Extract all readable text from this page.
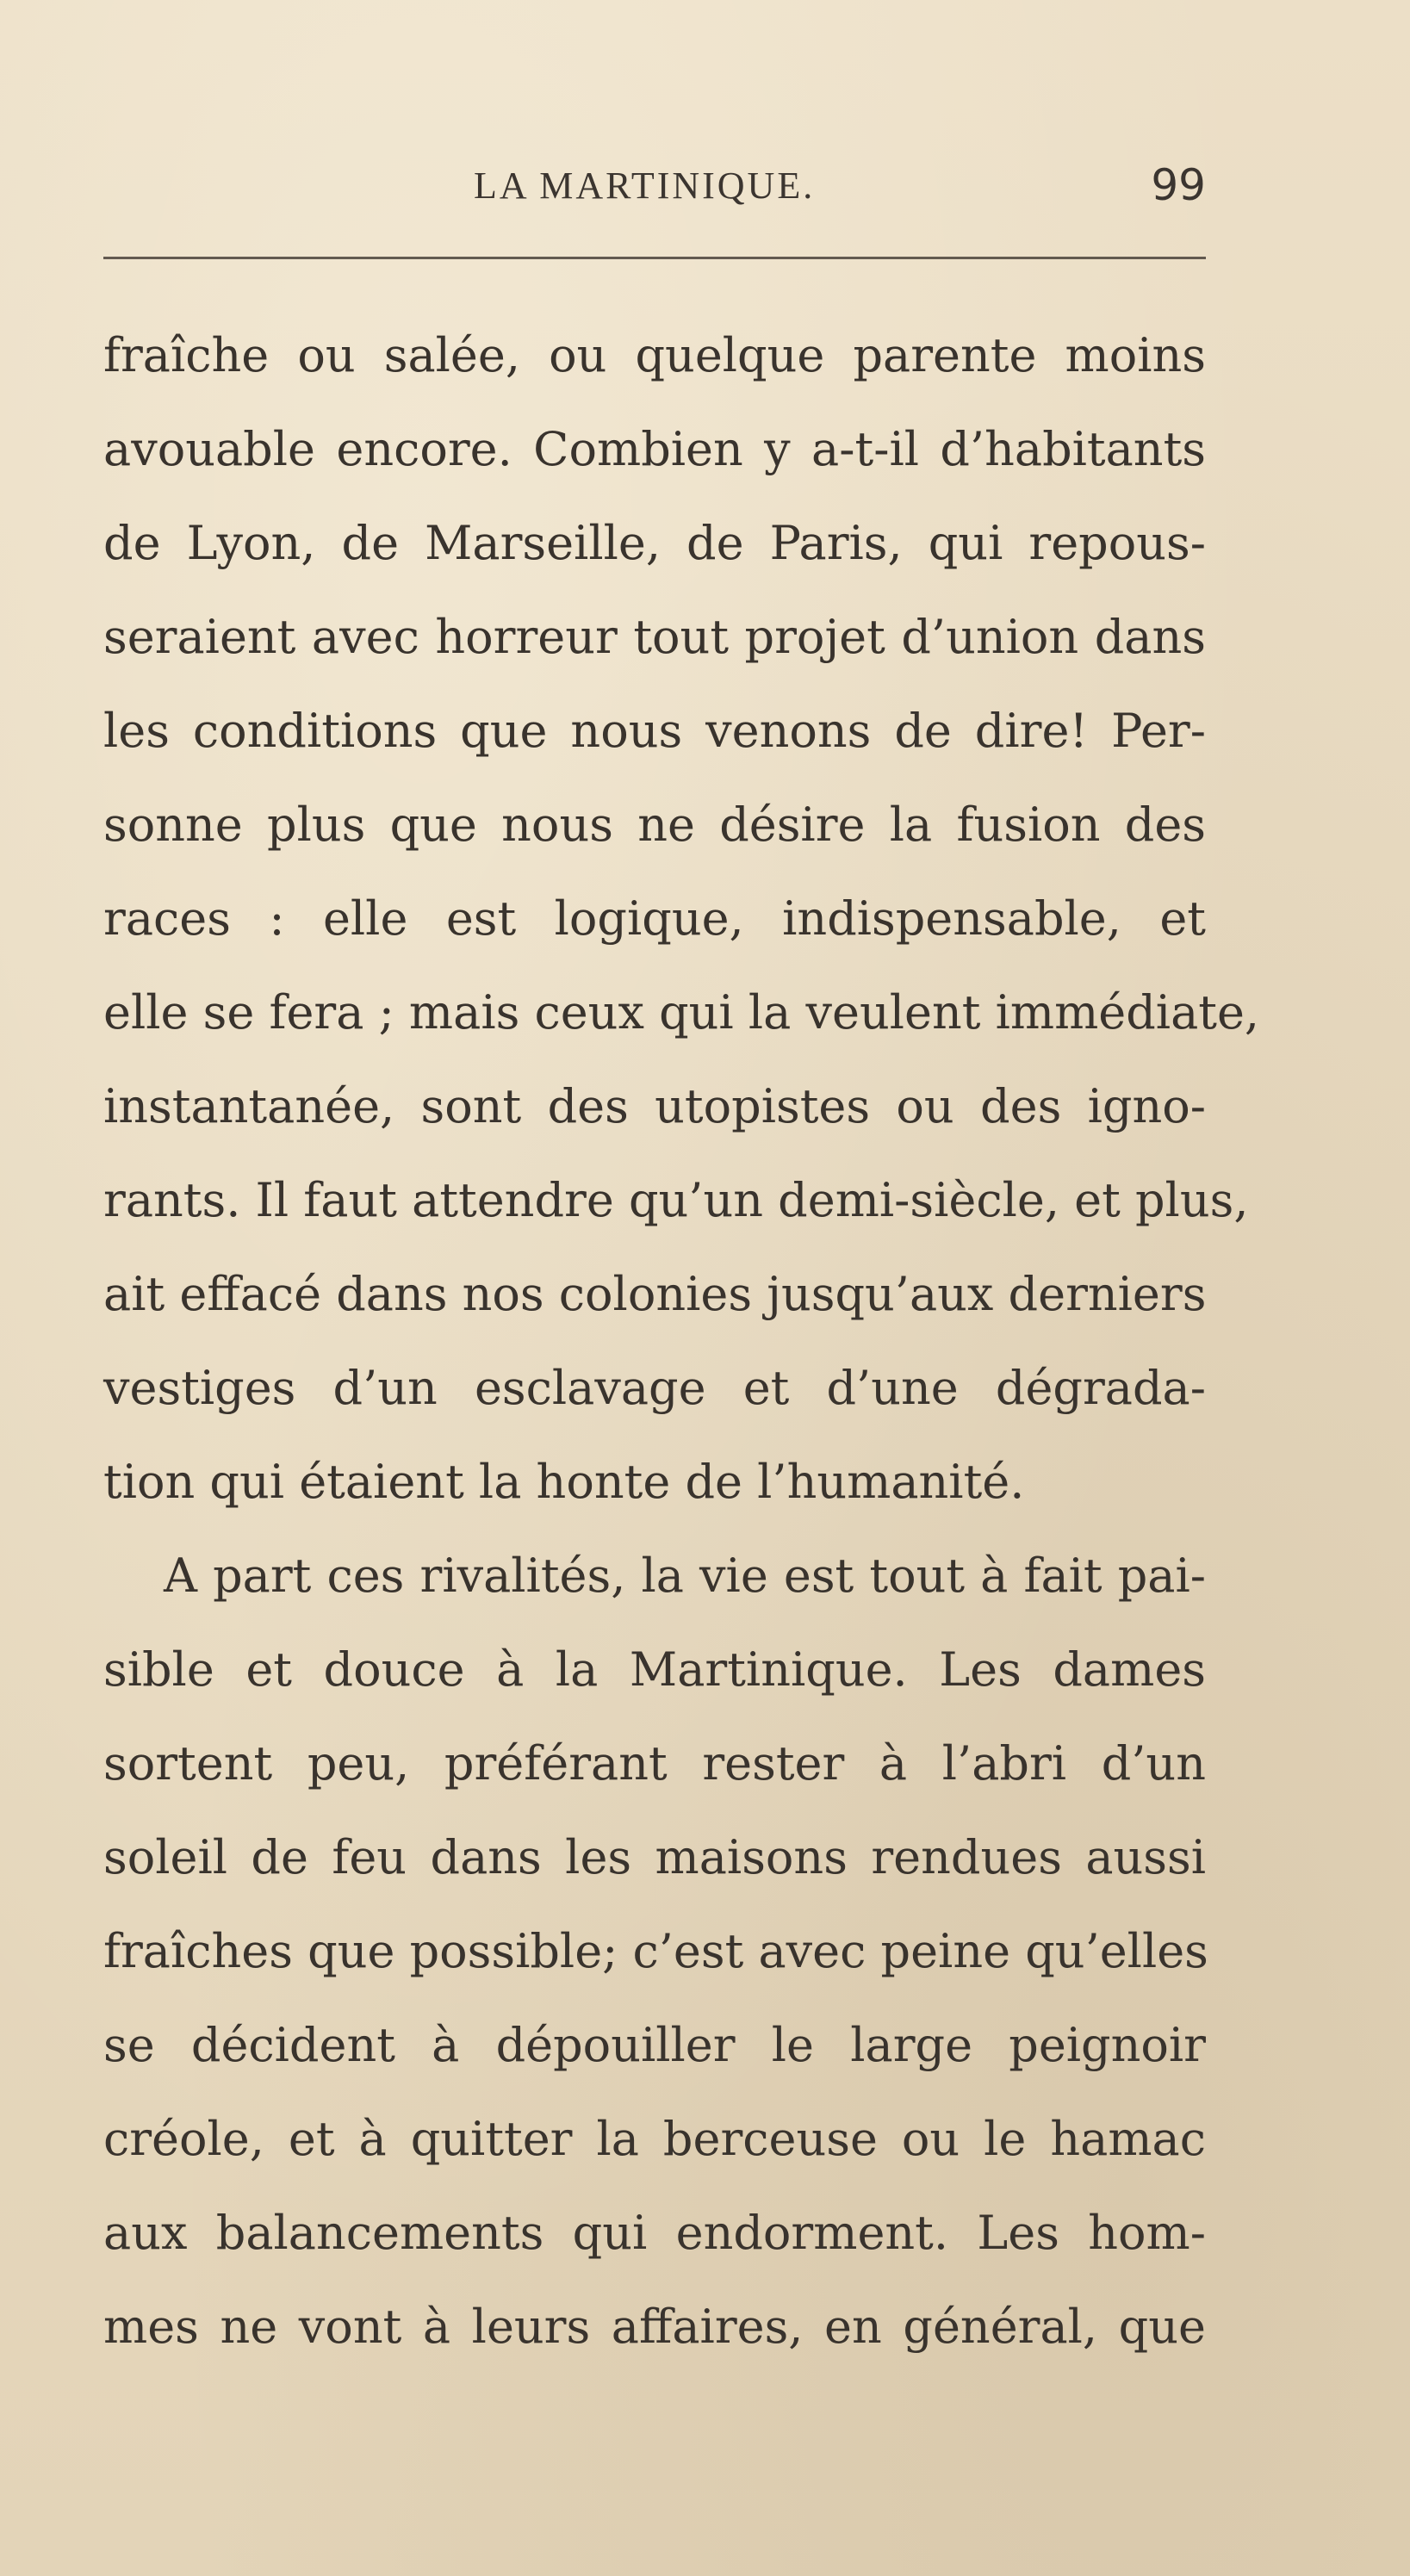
LA MARTINIQUE.	99
fraîche ou salée, ou quelque parente moins
avouable encore. Combien y a-t-il d’habitants
de Lyon, de Marseille, de Paris, qui repous-
seraient avec horreur tout projet d’union dans
les conditions que nous venons de dire! Per-
sonne plus que nous ne désire la fusion des
races : elle est logique, indispensable, et
elle se fera ; mais ceux qui la veulent immédiate,
instantanée, sont des utopistes ou des igno-
rants. Il faut attendre qu’un demi-siècle, et plus,
ait effacé dans nos colonies jusqu’aux derniers
vestiges d’un esclavage et d’une dégrada-
tion qui étaient la honte de l’humanité.
A part ces rivalités, la vie est tout à fait pai-
sible et douce à la Martinique. Les dames
sortent peu, préférant rester à l’abri d’un
soleil de feu dans les maisons rendues aussi
fraîches que possible; c’est avec peine qu’elles
se décident à dépouiller le large peignoir
créole, et à quitter la berceuse ou le hamac
aux balancements qui endorment. Les hom-
mes ne vont à leurs affaires, en général, que
